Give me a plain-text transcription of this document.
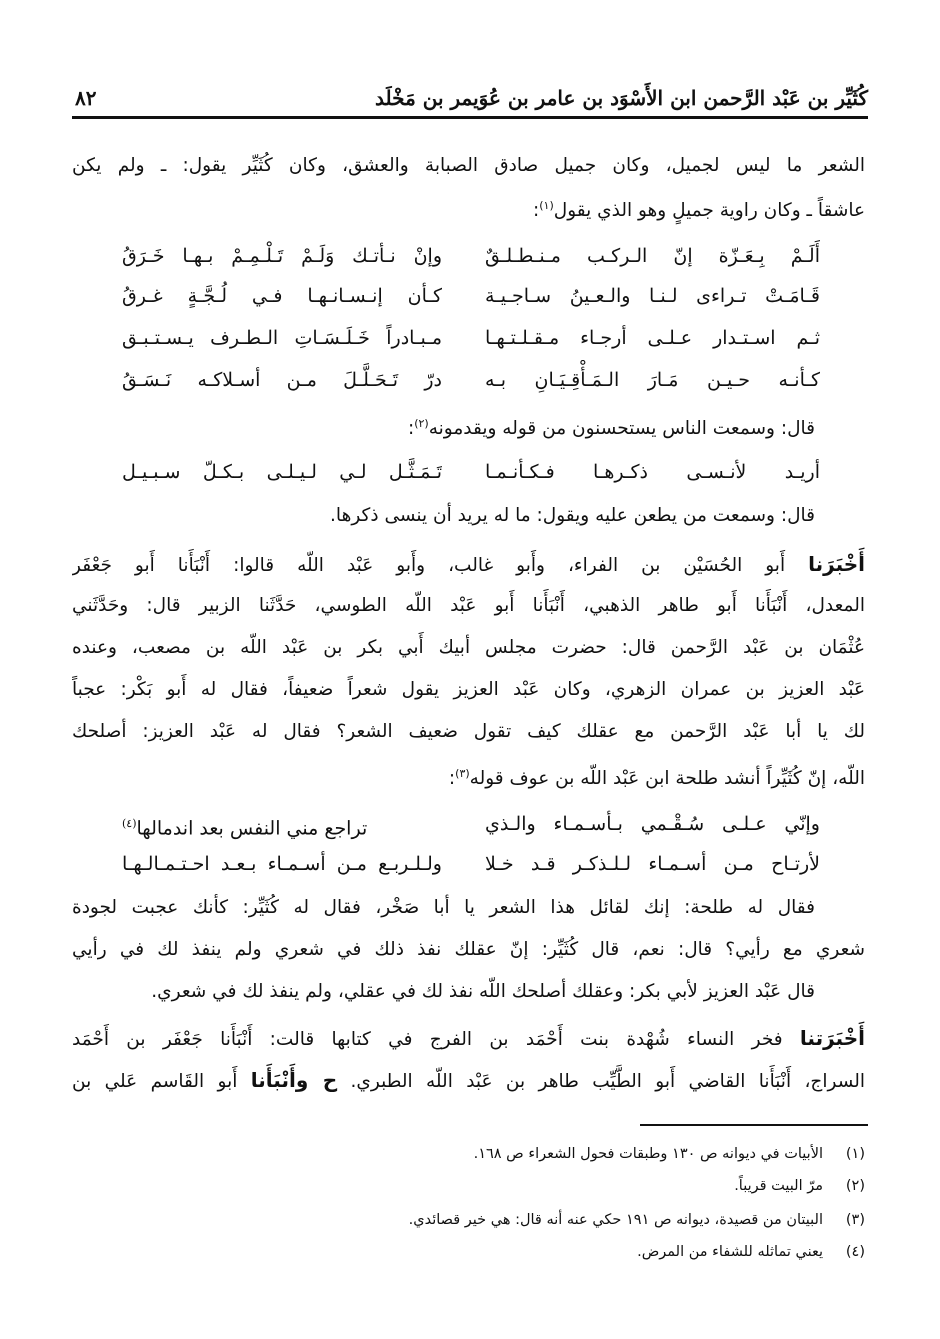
كُثَيِّر بن عَبْد الرَّحمن ابن الأَسْوَد بن عامر بن عُوَيمر بن مَخْلَد
٨٢
الشعر ما ليس لجميل، وكان جميل صادق الصبابة والعشق، وكان كُثَيِّر يقول: ـ ولم يكن
عاشقاً ـ وكان راوية جميلٍ وهو الذي يقول$^{(١)}$:
أَلَـمْ بِـعَـزّة إنّ الـركـب مـنـطـلـقٌ
وإنْ نـأتـك وَلَـمْ تَـلْـمِـمْ بـهـا خَـرَقُ
قَـامَـتْ تـراءى لـنـا والـعـينُ سـاجـيـة
كـأن إنـسـانـهـا فـي لُـجَّـةٍ غـرقُ
ثـم اسـتـدار عـلـى أرجـاء مـقـلـتـهـا
مـبـادراً خَـلَـسَـاتِ الـطـرف يـسـتـبـق
كـأنـه حـيـن مَـارَ الـمَـأْقِـيَـانِ بـه
درّ تَـحَـلَّـلَ مـن أسـلاكـه نَـسَـقُ
قال: وسمعت الناس يستحسنون من قوله ويقدمونه$^{(٢)}$:
أريـد لأنـسـى ذكـرهـا فـكـأنـمـا
تَـمَـثَّـل لـي لـيـلـى بـكـلّ سـبـيـل
قال: وسمعت من يطعن عليه ويقول: ما له يريد أن ينسى ذكرها.
أَخْبَرَنا أَبو الحُسَيْن بن الفراء، وأَبو غالب، وأَبو عَبْد اللّه قالوا: أَنْبَأَنا أَبو جَعْفَر
المعدل، أَنْبَأَنا أَبو طاهر الذهبي، أَنْبَأَنا أَبو عَبْد اللّه الطوسي، حَدَّثَنا الزبير قال: وحَدَّثَني
عُثْمَان بن عَبْد الرَّحمن قال: حضرت مجلس أبيك أَبي بكر بن عَبْد اللّه بن مصعب، وعنده
عَبْد العزيز بن عمران الزهري، وكان عَبْد العزيز يقول شعراً ضعيفاً، فقال له أَبو بَكْر: عجباً
لك يا أبا عَبْد الرَّحمن مع عقلك كيف تقول ضعيف الشعر؟ فقال له عَبْد العزيز: أصلحك
اللّه، إنّ كُثَيِّراً أنشد طلحة ابن عَبْد اللّه بن عوف قوله$^{(٣)}$:
وإنّي عـلـى سُـقْـمي بـأسـمـاء والـذي
تراجع مني النفس بعد اندمالها$^{(٤)}$
لأرتـاح مـن أسـمـاء لـلـذكـر قـد خـلا
ولـلـربـع مـن أسـمـاء بـعـد احـتـمـالـهـا
فقال له طلحة: إنك لقائل هذا الشعر يا أبا صَخْر، فقال له كُثَيِّر: كأنك عجبت لجودة
شعري مع رأيي؟ قال: نعم، قال كُثَيِّر: إنّ عقلك نفذ ذلك في شعري ولم ينفذ لك في رأيي
قال عَبْد العزيز لأبي بكر: وعقلك أصلحك اللّه نفذ لك في عقلي، ولم ينفذ لك في شعري.
أَخْبَرَتنا فخر النساء شُهْدة بنت أَحْمَد بن الفرج في كتابها قالت: أَنْبَأَنا جَعْفَر بن أَحْمَد
السراج، أَنْبَأَنا القاضي أَبو الطَّيِّب طاهر بن عَبْد اللّه الطبري. ح وأَنْبَأَنا أَبو القَاسم عَلي بن
(١)الأبيات في ديوانه ص ١٣٠ وطبقات فحول الشعراء ص ١٦٨.
(٢)مرّ البيت قريباً.
(٣)البيتان من قصيدة، ديوانه ص ١٩١ حكي عنه أنه قال: هي خير قصائدي.
(٤)يعني تماثله للشفاء من المرض.
